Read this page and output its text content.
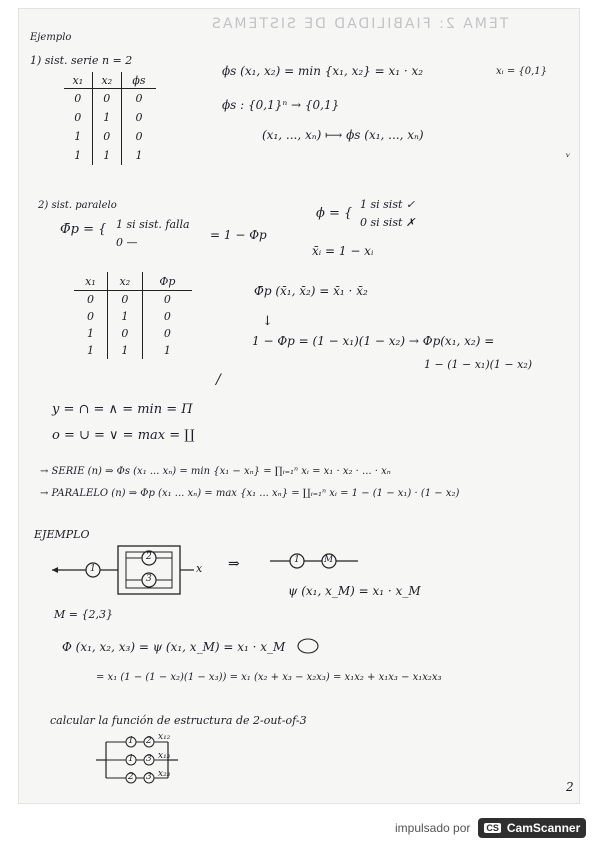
TEMA 2: FIABILIDAD DE SISTEMAS
Ejemplo
1) sist. serie n = 2
x₁	x₂	ϕs
0	0	0
0	1	0
1	0	0
1	1	1
ϕs (x₁, x₂) = min {x₁, x₂} = x₁ · x₂	xᵢ = {0,1}
ϕs : {0,1}ⁿ → {0,1}
(x₁, ..., xₙ) ⟼ ϕs (x₁, ..., xₙ)
ᵥ
2) sist. paralelo
Φ̄p = { 1 si sist. falla
0 —
= 1 − Φp
ϕ = {
1 si sist ✓
0 si sist ✗
x̄ᵢ = 1 − xᵢ
x₁	x₂	Φp
0	0	0
0	1	0
1	0	0
1	1	1
Φ̄p (x̄₁, x̄₂) = x̄₁ · x̄₂
↓
1 − Φp = (1 − x₁)(1 − x₂) → Φp(x₁, x₂) =
1 − (1 − x₁)(1 − x₂)
/
y = ∩ = ∧ = min = Π
o = ∪ = ∨ = max = ∐
→ SERIE (n) ⇒ Φs (x₁ ... xₙ) = min {x₁ − xₙ} = ∏ᵢ₌₁ⁿ xᵢ = x₁ · x₂ · ... · xₙ
→ PARALELO (n) ⇒ Φp (x₁ ... xₙ) = max {x₁ ... xₙ} = ∐ᵢ₌₁ⁿ xᵢ = 1 − (1 − x₁) · (1 − x₂)
EJEMPLO
1
2
3
x ⇒	1	M
ψ (x₁, x_M) = x₁ · x_M
M = {2,3}
Φ (x₁, x₂, x₃) = ψ (x₁, x_M) = x₁ · x_M
= x₁ (1 − (1 − x₂)(1 − x₃)) = x₁ (x₂ + x₃ − x₂x₃) = x₁x₂ + x₁x₃ − x₁x₂x₃
calcular la función de estructura de 2-out-of-3
1 2
1 3
2 3
x₁₂
x₁₃
x₂₃
2
impulsado por CS CamScanner
